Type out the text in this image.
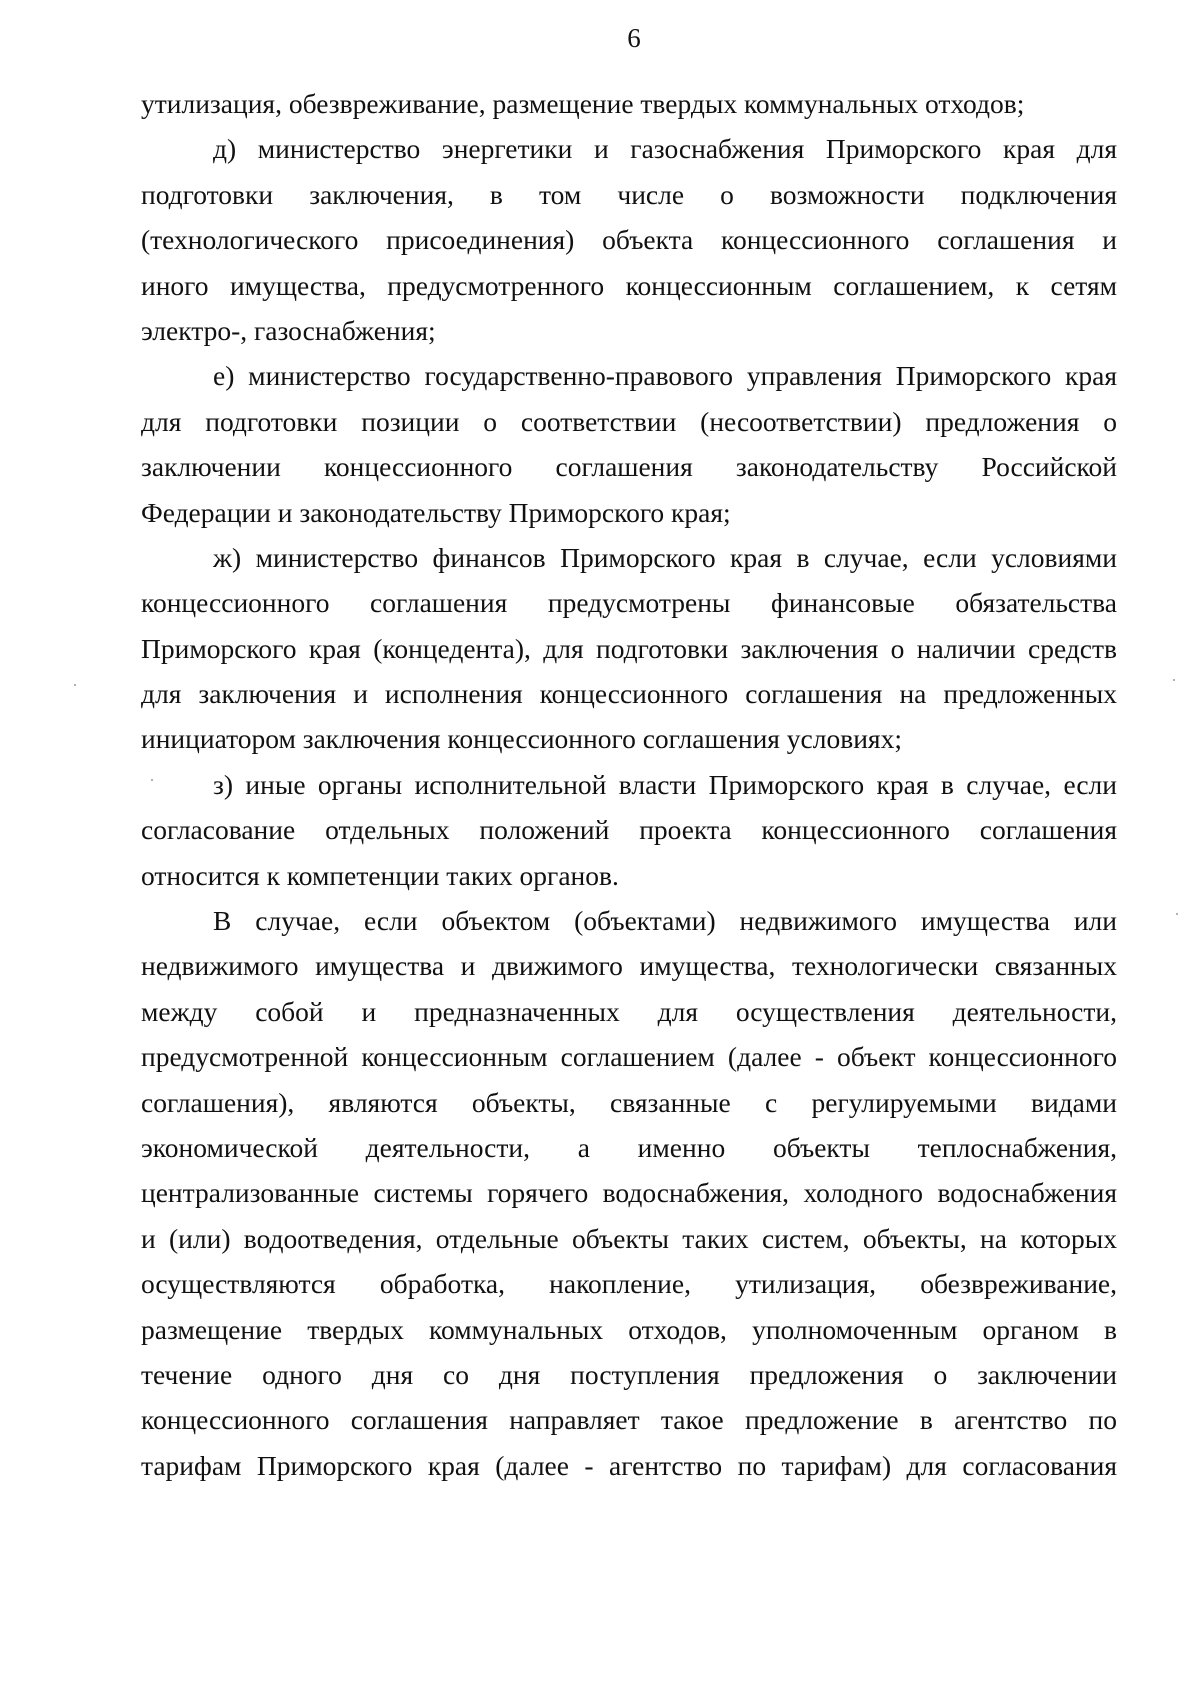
6
утилизация, обезвреживание, размещение твердых коммунальных отходов;
д) министерство энергетики и газоснабжения Приморского края для
подготовки заключения, в том числе о возможности подключения
(технологического присоединения) объекта концессионного соглашения и
иного имущества, предусмотренного концессионным соглашением, к сетям
электро-, газоснабжения;
е) министерство государственно-правового управления Приморского края
для подготовки позиции о соответствии (несоответствии) предложения о
заключении концессионного соглашения законодательству Российской
Федерации и законодательству Приморского края;
ж) министерство финансов Приморского края в случае, если условиями
концессионного соглашения предусмотрены финансовые обязательства
Приморского края (концедента), для подготовки заключения о наличии средств
для заключения и исполнения концессионного соглашения на предложенных
инициатором заключения концессионного соглашения условиях;
з) иные органы исполнительной власти Приморского края в случае, если
согласование отдельных положений проекта концессионного соглашения
относится к компетенции таких органов.
В случае, если объектом (объектами) недвижимого имущества или
недвижимого имущества и движимого имущества, технологически связанных
между собой и предназначенных для осуществления деятельности,
предусмотренной концессионным соглашением (далее - объект концессионного
соглашения), являются объекты, связанные с регулируемыми видами
экономической деятельности, а именно объекты теплоснабжения,
централизованные системы горячего водоснабжения, холодного водоснабжения
и (или) водоотведения, отдельные объекты таких систем, объекты, на которых
осуществляются обработка, накопление, утилизация, обезвреживание,
размещение твердых коммунальных отходов, уполномоченным органом в
течение одного дня со дня поступления предложения о заключении
концессионного соглашения направляет такое предложение в агентство по
тарифам Приморского края (далее - агентство по тарифам) для согласования
